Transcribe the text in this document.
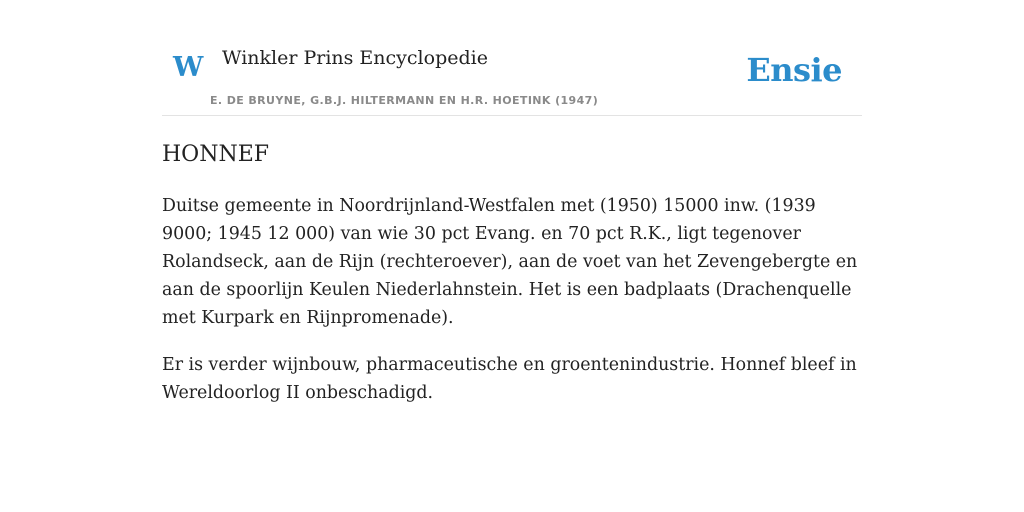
W Winkler Prins Encyclopedie
E. DE BRUYNE, G.B.J. HILTERMANN EN H.R. HOETINK (1947)
Ensie
HONNEF

Duitse gemeente in Noordrijnland-Westfalen met (1950) 15000 inw. (1939 9000; 1945 12 000) van wie 30 pct Evang. en 70 pct R.K., ligt tegenover Rolandseck, aan de Rijn (rechteroever), aan de voet van het Zevengebergte en aan de spoorlijn Keulen Niederlahnstein. Het is een badplaats (Drachenquelle met Kurpark en Rijnpromenade).

Er is verder wijnbouw, pharmaceutische en groentenindustrie. Honnef bleef in Wereldoorlog II onbeschadigd.
